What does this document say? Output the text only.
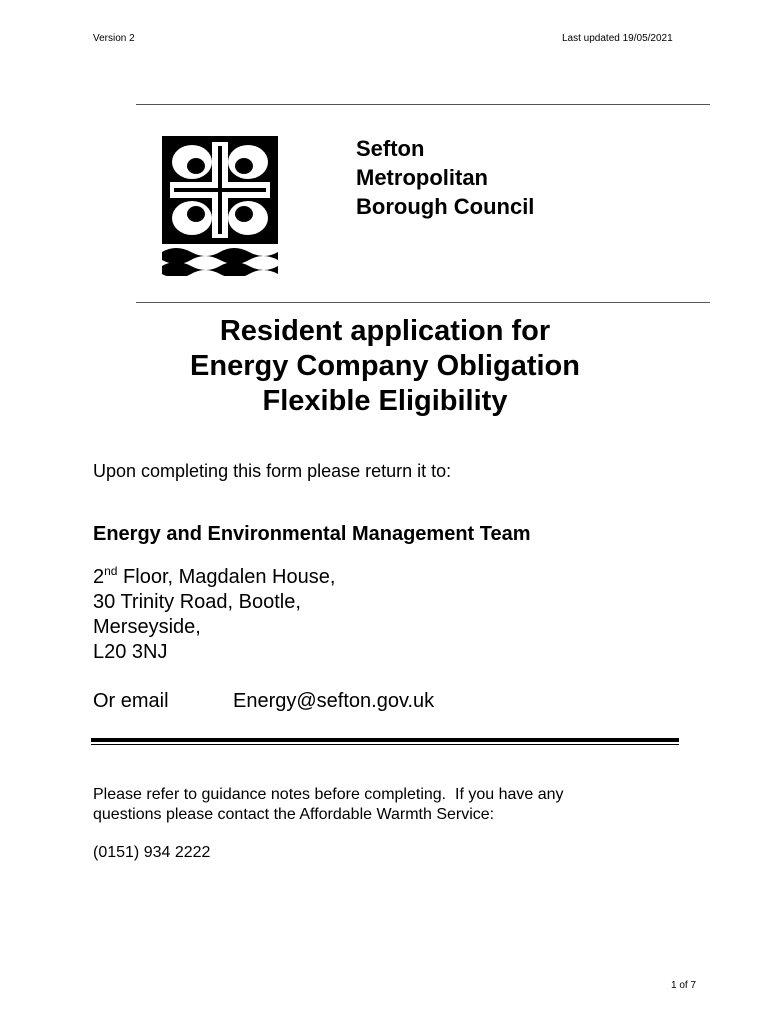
Version 2	Last updated 19/05/2021
Sefton
Metropolitan
Borough Council
Resident application for
Energy Company Obligation
Flexible Eligibility
Upon completing this form please return it to:
Energy and Environmental Management Team
2nd Floor, Magdalen House,
30 Trinity Road, Bootle,
Merseyside,
L20 3NJ
Or email	Energy@sefton.gov.uk
Please refer to guidance notes before completing.  If you have any
questions please contact the Affordable Warmth Service:
(0151) 934 2222
1 of 7
